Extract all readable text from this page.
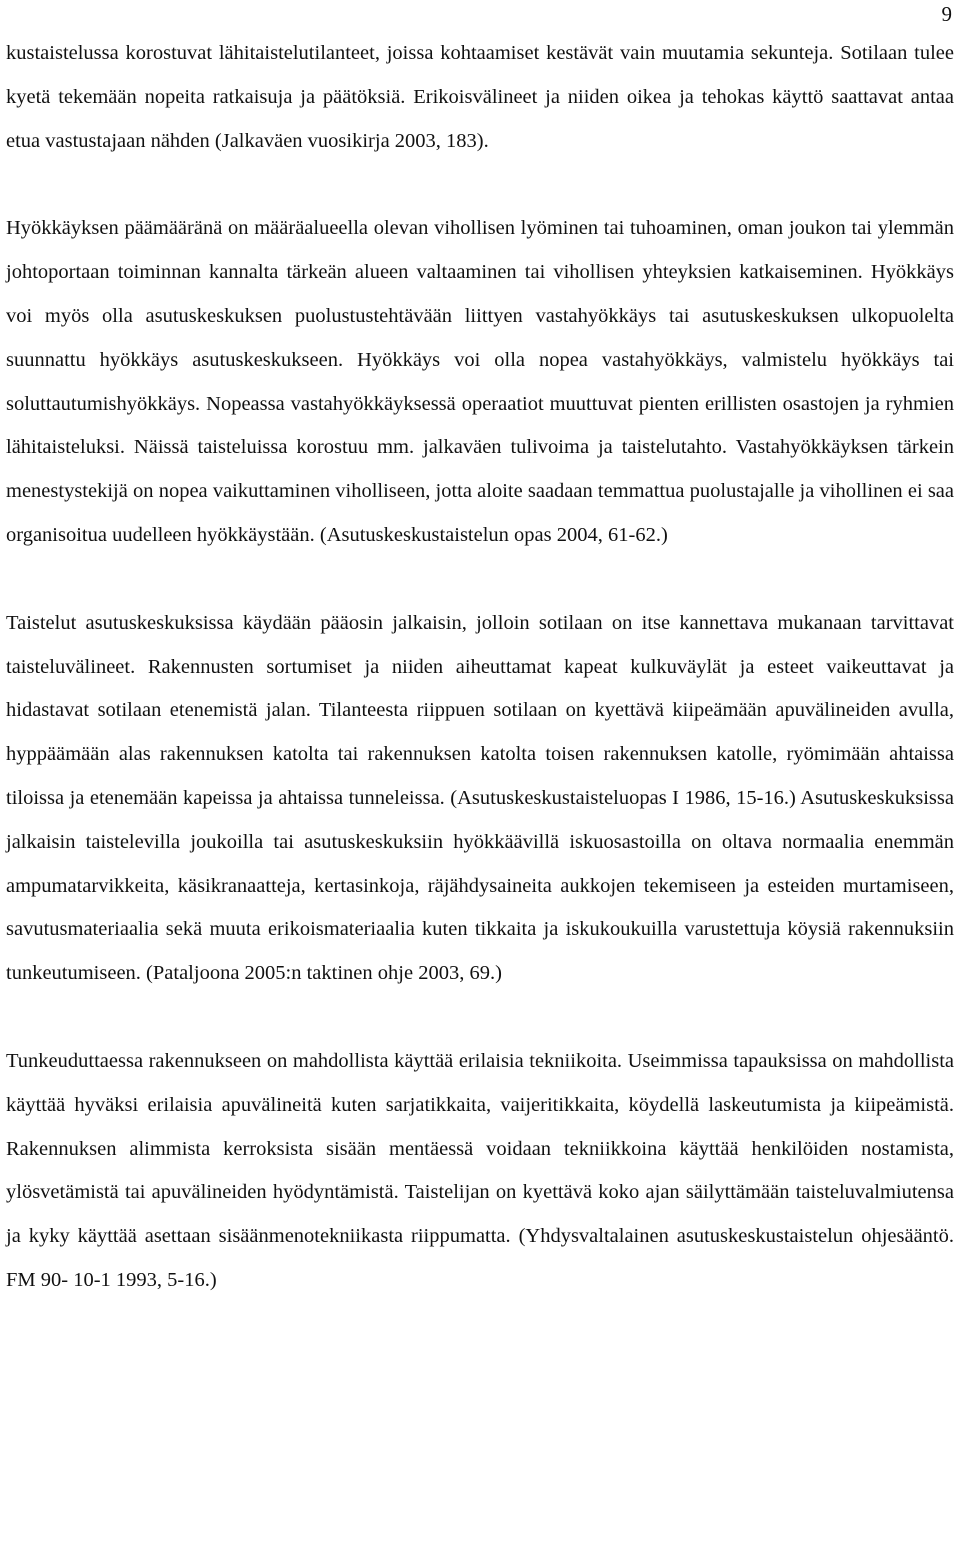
9

kustaistelussa korostuvat lähitaistelutilanteet, joissa kohtaamiset kestävät vain muutamia sekunteja. Sotilaan tulee kyetä tekemään nopeita ratkaisuja ja päätöksiä. Erikoisvälineet ja niiden oikea ja tehokas käyttö saattavat antaa etua vastustajaan nähden (Jalkaväen vuosikirja 2003, 183).

Hyökkäyksen päämääränä on määräalueella olevan vihollisen lyöminen tai tuhoaminen, oman joukon tai ylemmän johtoportaan toiminnan kannalta tärkeän alueen valtaaminen tai vihollisen yhteyksien katkaiseminen. Hyökkäys voi myös olla asutuskeskuksen puolustustehtävään liittyen vastahyökkäys tai asutuskeskuksen ulkopuolelta suunnattu hyökkäys asutuskeskukseen. Hyökkäys voi olla nopea vastahyökkäys, valmistelu hyökkäys tai soluttautumishyökkäys. Nopeassa vastahyökkäyksessä operaatiot muuttuvat pienten erillisten osastojen ja ryhmien lähitaisteluksi. Näissä taisteluissa korostuu mm. jalkaväen tulivoima ja taistelutahto. Vastahyökkäyksen tärkein menestystekijä on nopea vaikuttaminen viholliseen, jotta aloite saadaan temmattua puolustajalle ja vihollinen ei saa organisoitua uudelleen hyökkäystään. (Asutuskeskustaistelun opas 2004, 61-62.)

Taistelut asutuskeskuksissa käydään pääosin jalkaisin, jolloin sotilaan on itse kannettava mukanaan tarvittavat taisteluvälineet. Rakennusten sortumiset ja niiden aiheuttamat kapeat kulkuväylät ja esteet vaikeuttavat ja hidastavat sotilaan etenemistä jalan. Tilanteesta riippuen sotilaan on kyettävä kiipeämään apuvälineiden avulla, hyppäämään alas rakennuksen katolta tai rakennuksen katolta toisen rakennuksen katolle, ryömimään ahtaissa tiloissa ja etenemään kapeissa ja ahtaissa tunneleissa. (Asutuskeskustaisteluopas I 1986, 15-16.) Asutuskeskuksissa jalkaisin taistelevilla joukoilla tai asutuskeskuksiin hyökkäävillä iskuosastoilla on oltava normaalia enemmän ampumatarvikkeita, käsikranaatteja, kertasinkoja, räjähdysaineita aukkojen tekemiseen ja esteiden murtamiseen, savutusmateriaalia sekä muuta erikoismateriaalia kuten tikkaita ja iskukoukuilla varustettuja köysiä rakennuksiin tunkeutumiseen. (Pataljoona 2005:n taktinen ohje 2003, 69.)

Tunkeuduttaessa rakennukseen on mahdollista käyttää erilaisia tekniikoita. Useimmissa tapauksissa on mahdollista käyttää hyväksi erilaisia apuvälineitä kuten sarjatikkaita, vaijeritikkaita, köydellä laskeutumista ja kiipeämistä. Rakennuksen alimmista kerroksista sisään mentäessä voidaan tekniikkoina käyttää henkilöiden nostamista, ylösvetämistä tai apuvälineiden hyödyntämistä. Taistelijan on kyettävä koko ajan säilyttämään taisteluvalmiutensa ja kyky käyttää asettaan sisäänmenotekniikasta riippumatta. (Yhdysvaltalainen asutuskeskustaistelun ohjesääntö. FM 90- 10-1 1993, 5-16.)
